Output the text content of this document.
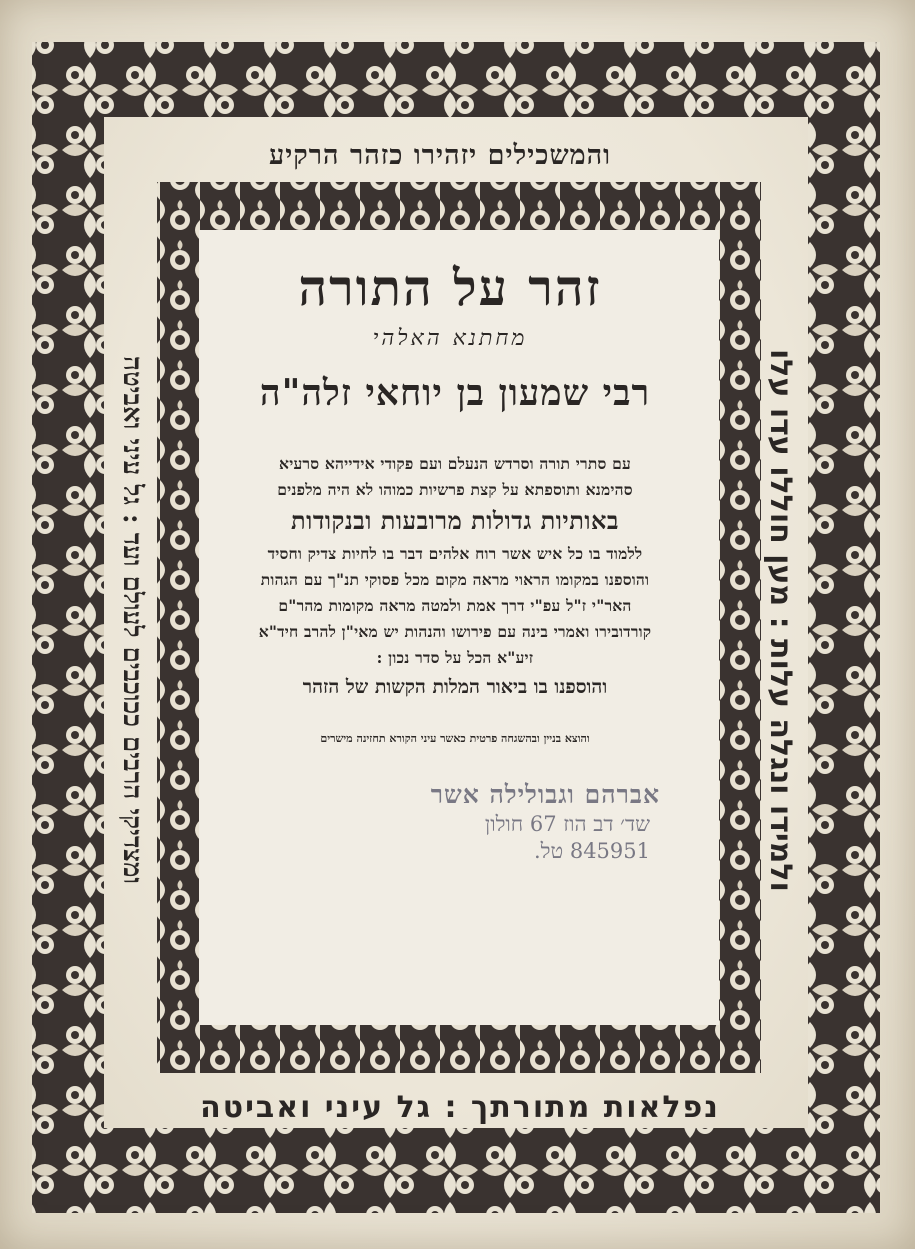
והמשכילים יזהירו כזהר הרקיע
זהר על התורה
מחתנא האלהי
רבי שמעון בן יוחאי זלה"ה
עם סתרי תורה וסרדש הנעלם ועם פקודי אידייהא סרעיא
סהימנא ותוספתא על קצת פרשיות כמוהו לא היה מלפנים
באותיות גדולות מרובעות ובנקודות
ללמוד בו כל איש אשר רוח אלהים דבר בו לחיות צדיק וחסיד
והוספנו במקומו הראוי מראה מקום מכל פסוקי תנ"ך עם הגהות
האר"י ז"ל עפ"י דרך אמת ולמטה מראה מקומות מהר"ם
קורדובירו ואמרי בינה עם פירושו והנהות יש מאי"ן להרב חיד"א
זיע"א הכל על סדר נכון :
והוספנו בו ביאור המלות הקשות של הזהר
והוצא בניין ובהשגחה פרטית כאשר עיני הקורא תחזינה מישרים
אברהם וגבולילה אשר
שד׳ דב הוז 67 חולון
845951 טל.
ומצדיקי הרבים ככוכבים לעולם ועד : גל עיני ואביטה	ולמידו ונגלה עלות : מען חוללו עדו עלו
נפלאות מתורתך : גל עיני ואביטה
